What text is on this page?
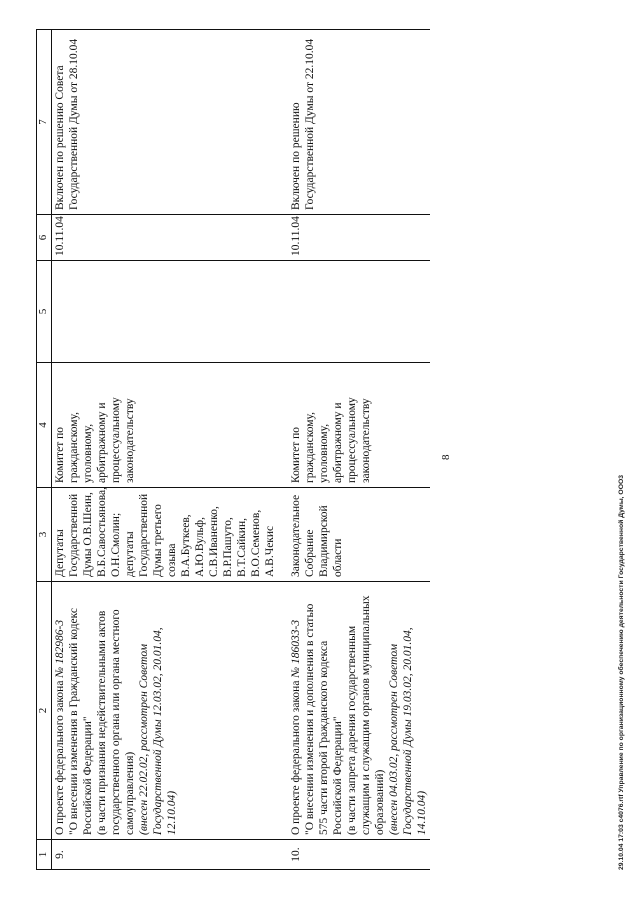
8
1	2	3	4	5	6	7
9.	О проекте федерального закона № 182986-3 "О внесении изменения в Гражданский кодекс Российской Федерации" (в части признания недействительными актов государственного органа или органа местного самоуправления) (внесен 22.02.02, рассмотрен Советом Государственной Думы 12.03.02, 20.01.04, 12.10.04)	Депутаты Государственной Думы О.В.Шеин, В.Б.Савостьянова, О.Н.Смолин; депутаты Государственной Думы третьего созыва В.А.Буткеев, А.Ю.Вульф, С.В.Иваненко, В.Р.Пашуто, В.Т.Сайкин, В.О.Семенов, А.В.Чекис	Комитет по гражданскому, уголовному, арбитражному и процессуальному законодательству		10.11.04	Включен по решению Совета Государственной Думы от 28.10.04

10.	О проекте федерального закона № 186033-3 "О внесении изменения и дополнения в статью 575 части второй Гражданского кодекса Российской Федерации" (в части запрета дарения государственным служащим и служащим органов муниципальных образований) (внесен 04.03.02, рассмотрен Советом Государственной Думы 19.03.02, 20.01.04, 14.10.04)	Законодательное Собрание Владимирской области	Комитет по гражданскому, уголовному, арбитражному и процессуальному законодательству		10.11.04	Включен по решению Государственной Думы от 22.10.04
29.10.04 17:03 c4076.rtf Управление по организационному обеспечению деятельности Государственной Думы, ООО3
